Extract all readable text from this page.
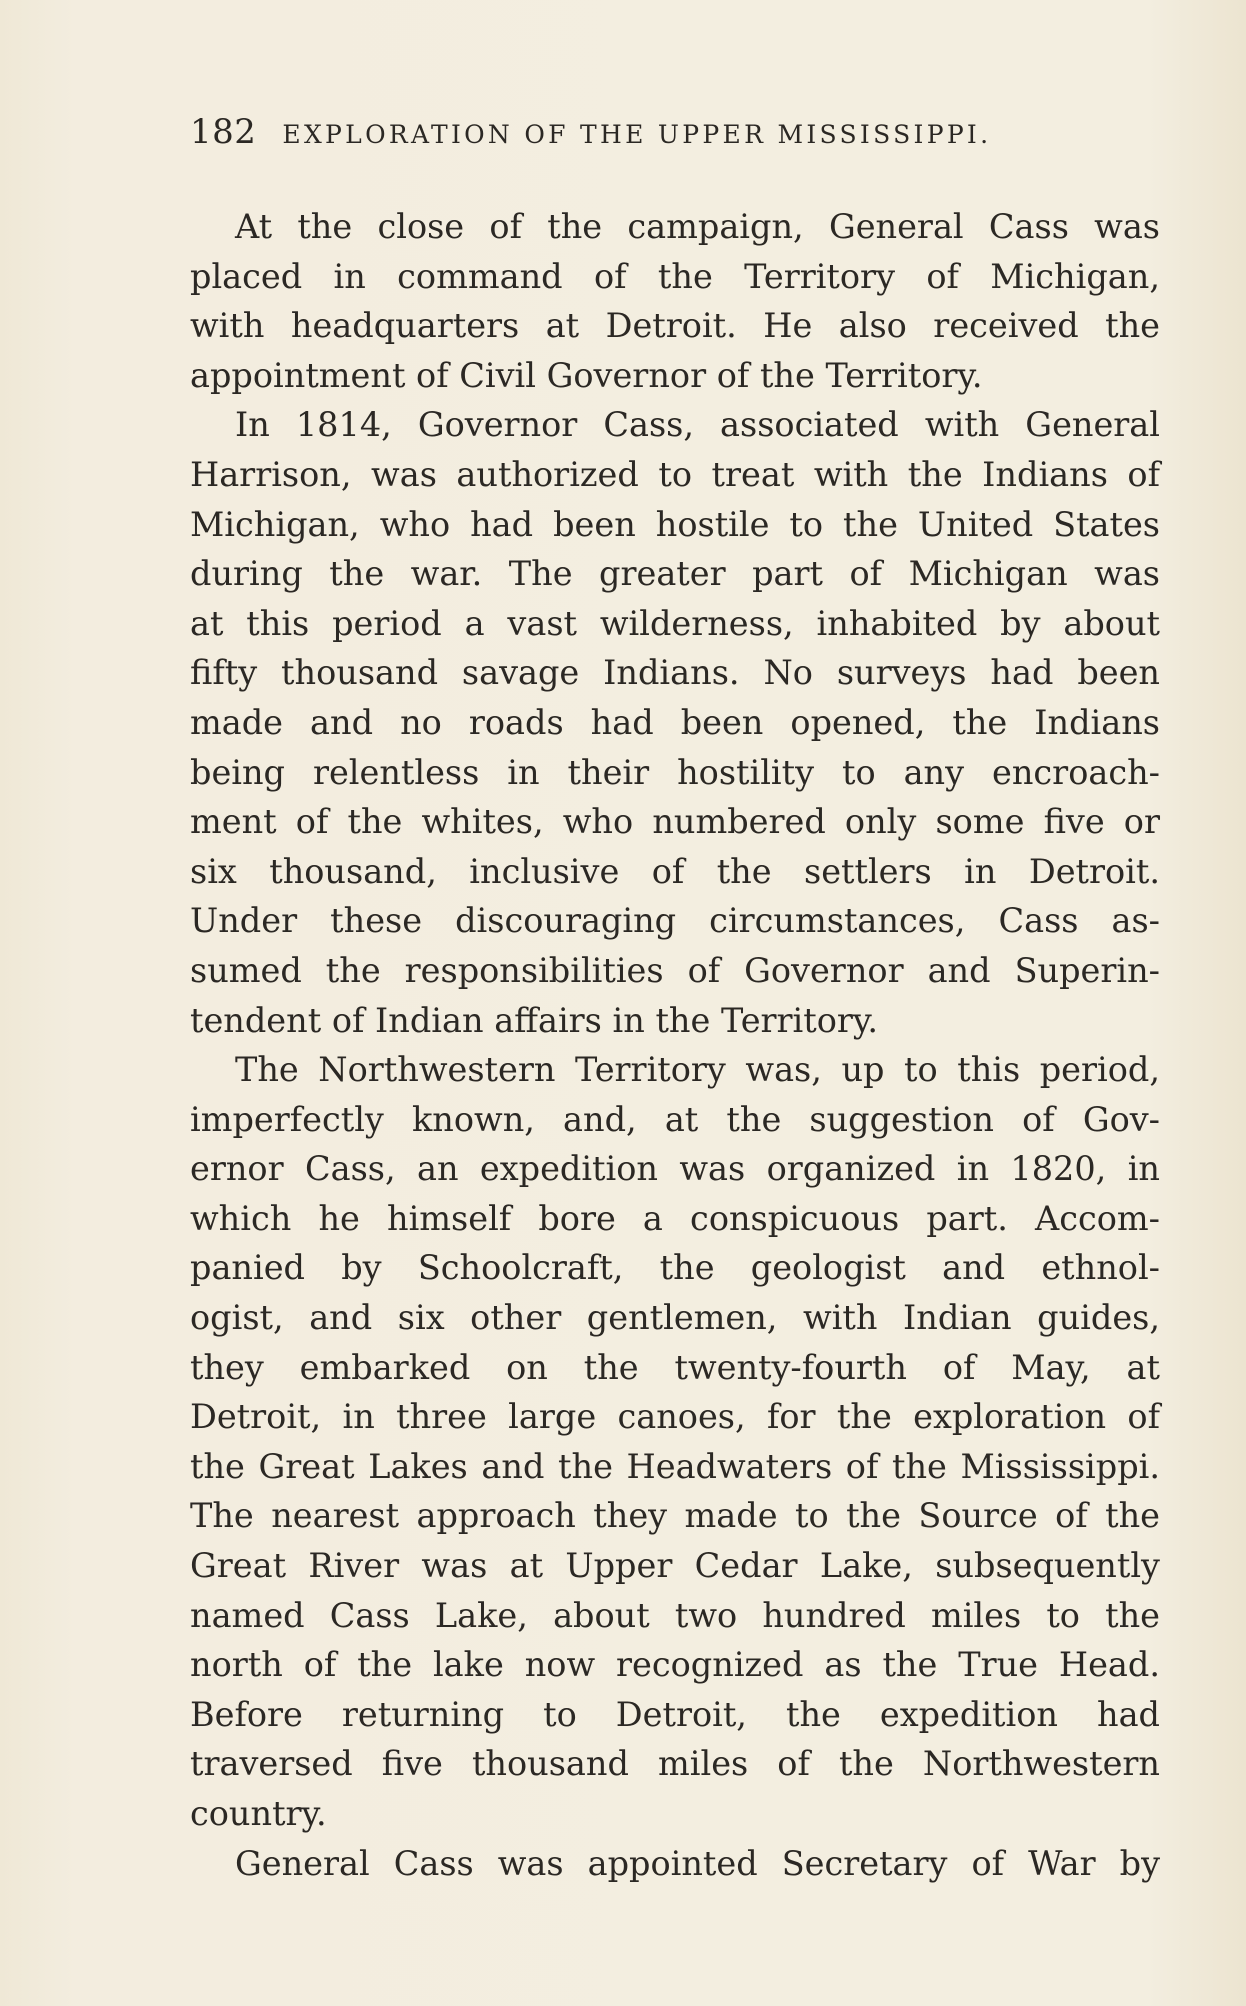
182 EXPLORATION OF THE UPPER MISSISSIPPI.
At the close of the campaign, General Cass was
placed in command of the Territory of Michigan,
with headquarters at Detroit. He also received the
appointment of Civil Governor of the Territory.
In 1814, Governor Cass, associated with General
Harrison, was authorized to treat with the Indians of
Michigan, who had been hostile to the United States
during the war. The greater part of Michigan was
at this period a vast wilderness, inhabited by about
fifty thousand savage Indians. No surveys had been
made and no roads had been opened, the Indians
being relentless in their hostility to any encroach-
ment of the whites, who numbered only some five or
six thousand, inclusive of the settlers in Detroit.
Under these discouraging circumstances, Cass as-
sumed the responsibilities of Governor and Superin-
tendent of Indian affairs in the Territory.
The Northwestern Territory was, up to this period,
imperfectly known, and, at the suggestion of Gov-
ernor Cass, an expedition was organized in 1820, in
which he himself bore a conspicuous part. Accom-
panied by Schoolcraft, the geologist and ethnol-
ogist, and six other gentlemen, with Indian guides,
they embarked on the twenty-fourth of May, at
Detroit, in three large canoes, for the exploration of
the Great Lakes and the Headwaters of the Mississippi.
The nearest approach they made to the Source of the
Great River was at Upper Cedar Lake, subsequently
named Cass Lake, about two hundred miles to the
north of the lake now recognized as the True Head.
Before returning to Detroit, the expedition had
traversed five thousand miles of the Northwestern
country.
General Cass was appointed Secretary of War by
